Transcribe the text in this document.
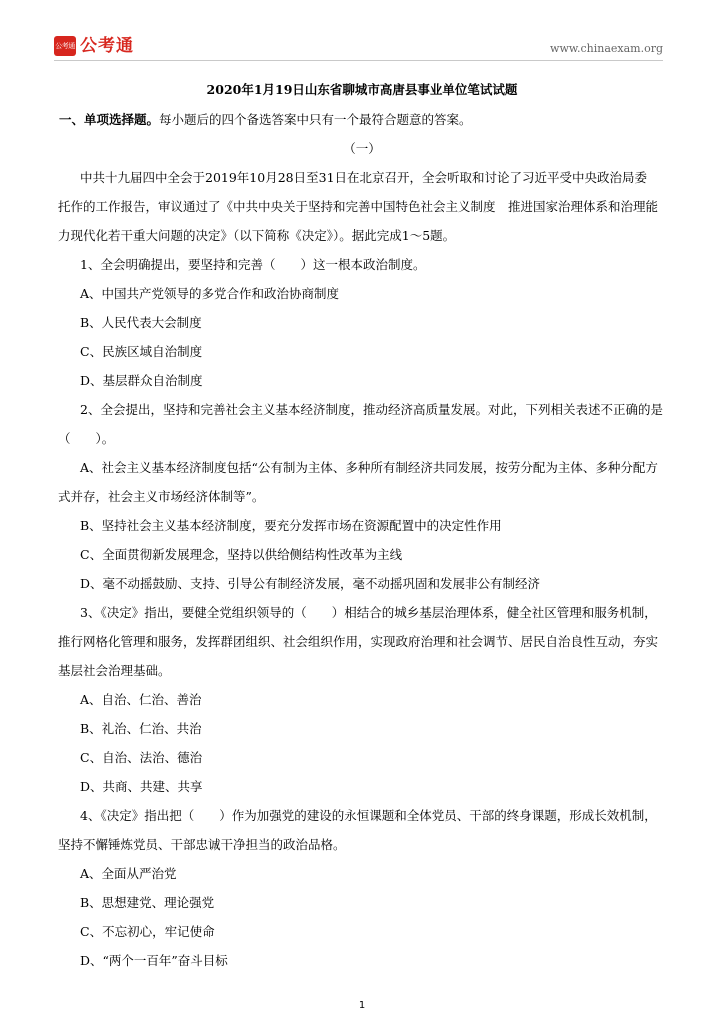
公考通 公考通	www.chinaexam.org
2020年1月19日山东省聊城市高唐县事业单位笔试试题
一、单项选择题。每小题后的四个备选答案中只有一个最符合题意的答案。
（一）
中共十九届四中全会于2019年10月28日至31日在北京召开，全会听取和讨论了习近平受中央政治局委
托作的工作报告，审议通过了《中共中央关于坚持和完善中国特色社会主义制度　推进国家治理体系和治理能
力现代化若干重大问题的决定》（以下简称《决定》）。据此完成1～5题。
1、全会明确提出，要坚持和完善（　　）这一根本政治制度。
A、中国共产党领导的多党合作和政治协商制度
B、人民代表大会制度
C、民族区域自治制度
D、基层群众自治制度
2、全会提出，坚持和完善社会主义基本经济制度，推动经济高质量发展。对此，下列相关表述不正确的是
（　　）。
A、社会主义基本经济制度包括“公有制为主体、多种所有制经济共同发展，按劳分配为主体、多种分配方
式并存，社会主义市场经济体制等”。
B、坚持社会主义基本经济制度，要充分发挥市场在资源配置中的决定性作用
C、全面贯彻新发展理念，坚持以供给侧结构性改革为主线
D、毫不动摇鼓励、支持、引导公有制经济发展，毫不动摇巩固和发展非公有制经济
3、《决定》指出，要健全党组织领导的（　　）相结合的城乡基层治理体系，健全社区管理和服务机制，
推行网格化管理和服务，发挥群团组织、社会组织作用，实现政府治理和社会调节、居民自治良性互动，夯实
基层社会治理基础。
A、自治、仁治、善治
B、礼治、仁治、共治
C、自治、法治、德治
D、共商、共建、共享
4、《决定》指出把（　　）作为加强党的建设的永恒课题和全体党员、干部的终身课题，形成长效机制，
坚持不懈锤炼党员、干部忠诚干净担当的政治品格。
A、全面从严治党
B、思想建党、理论强党
C、不忘初心，牢记使命
D、“两个一百年”奋斗目标
1
